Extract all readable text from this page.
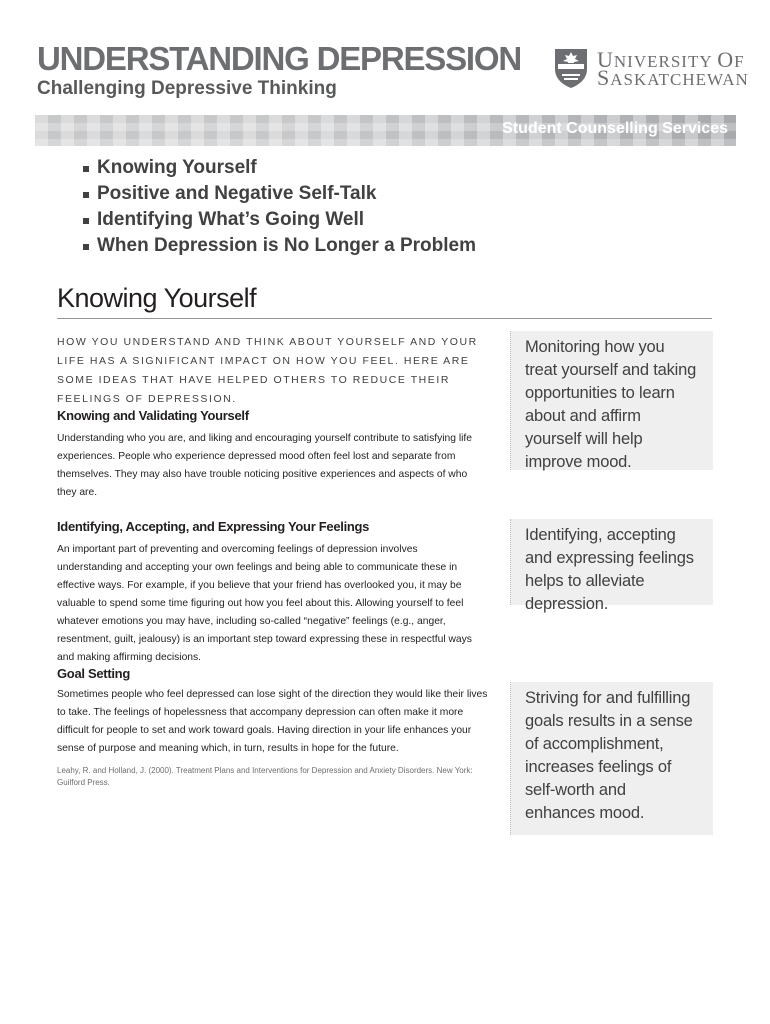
UNDERSTANDING DEPRESSION
Challenging Depressive Thinking
UNIVERSITY OF
SASKATCHEWAN
Student Counselling Services
Knowing Yourself
Positive and Negative Self-Talk
Identifying What’s Going Well
When Depression is No Longer a Problem
Knowing Yourself
HOW YOU UNDERSTAND AND THINK ABOUT YOURSELF AND YOUR LIFE HAS A SIGNIFICANT IMPACT ON HOW YOU FEEL. HERE ARE SOME IDEAS THAT HAVE HELPED OTHERS TO REDUCE THEIR FEELINGS OF DEPRESSION.
Knowing and Validating Yourself
Understanding who you are, and liking and encouraging yourself contribute to satisfying life experiences. People who experience depressed mood often feel lost and separate from themselves. They may also have trouble noticing positive experiences and aspects of who they are.
Identifying, Accepting, and Expressing Your Feelings

An important part of preventing and overcoming feelings of depression involves understanding and accepting your own feelings and being able to communicate these in effective ways. For example, if you believe that your friend has overlooked you, it may be valuable to spend some time figuring out how you feel about this. Allowing yourself to feel whatever emotions you may have, including so-called “negative” feelings (e.g., anger, resentment, guilt, jealousy) is an important step toward expressing these in respectful ways and making affirming decisions.

Goal Setting
Sometimes people who feel depressed can lose sight of the direction they would like their lives to take. The feelings of hopelessness that accompany depression can often make it more difficult for people to set and work toward goals. Having direction in your life enhances your sense of purpose and meaning which, in turn, results in hope for the future.
Leahy, R. and Holland, J. (2000). Treatment Plans and Interventions for Depression and Anxiety Disorders. New York: Guilford Press.
Monitoring how you treat yourself and taking opportunities to learn about and affirm yourself will help improve mood.
Identifying, accepting and expressing feelings helps to alleviate depression.
Striving for and fulfilling goals results in a sense of accomplishment, increases feelings of self-worth and enhances mood.
